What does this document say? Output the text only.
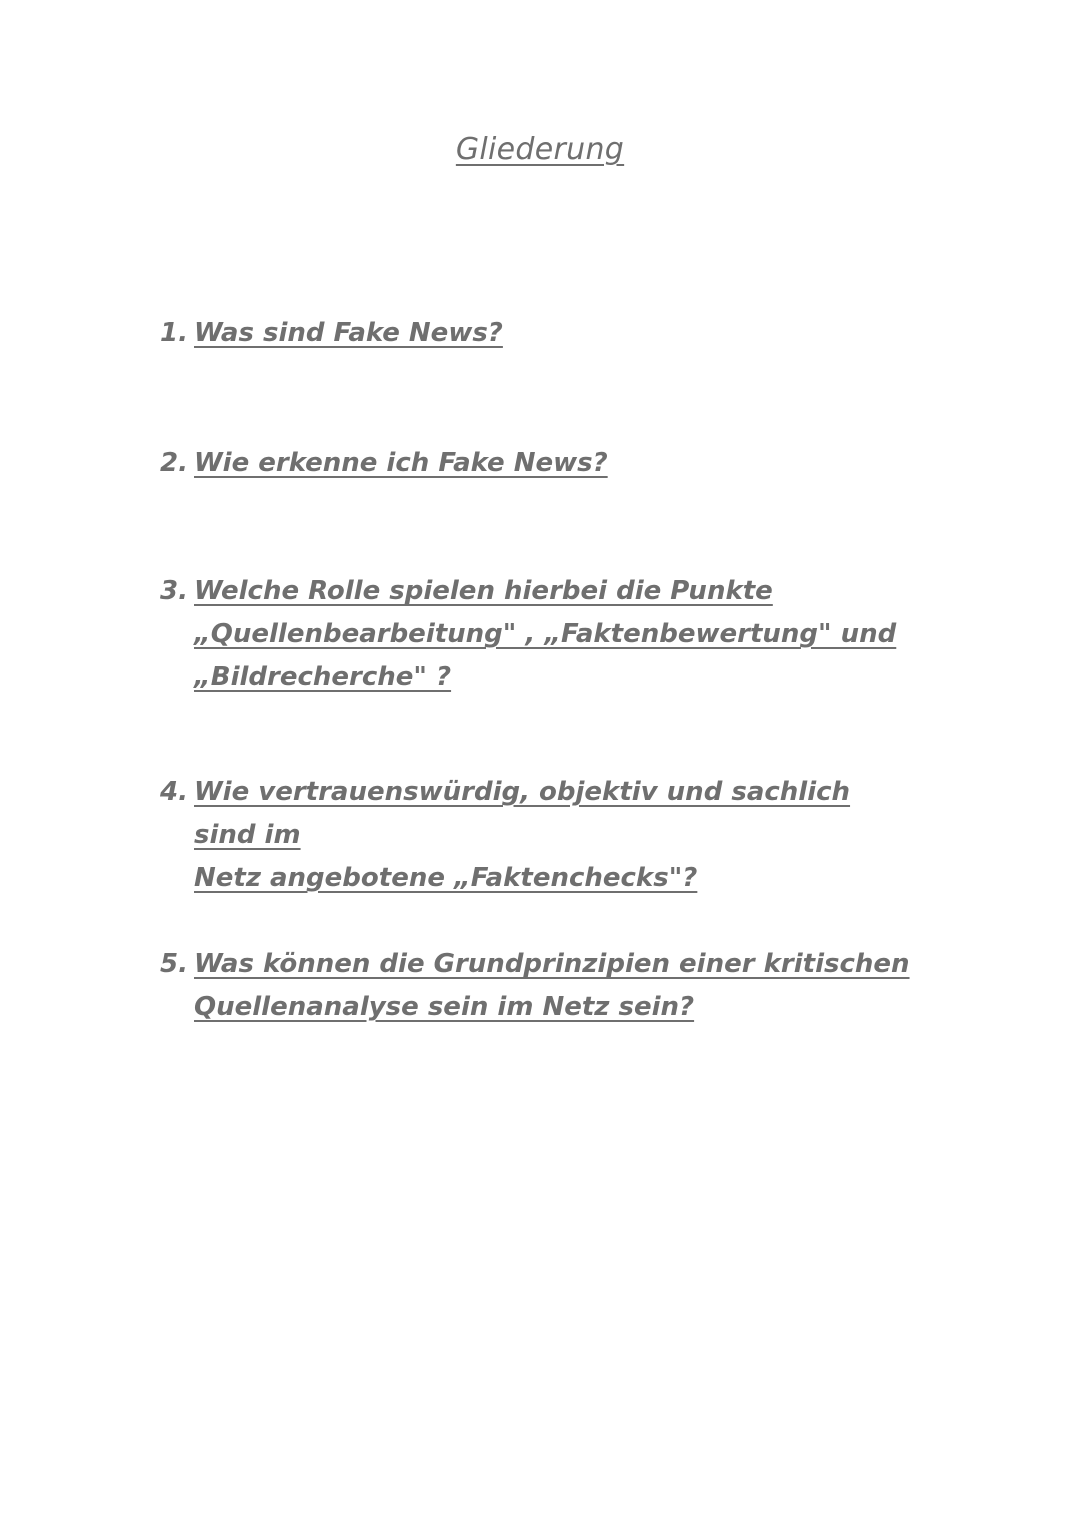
Gliederung
1. Was sind Fake News?
2. Wie erkenne ich Fake News?
3. Welche Rolle spielen hierbei die Punkte
„Quellenbearbeitung" , „Faktenbewertung" und
„Bildrecherche" ?
4. Wie vertrauenswürdig, objektiv und sachlich sind im
Netz angebotene „Faktenchecks"?
5. Was können die Grundprinzipien einer kritischen
Quellenanalyse sein im Netz sein?
